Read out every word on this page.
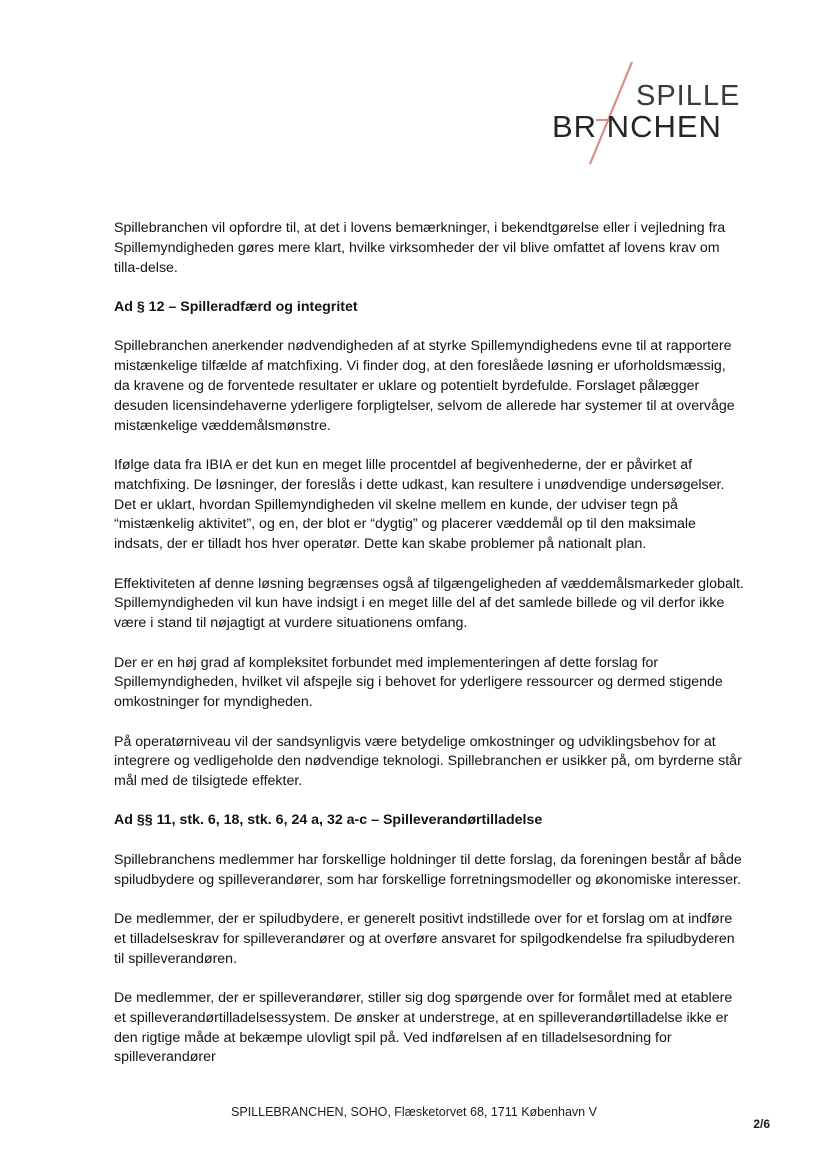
SPILLE
BR NCHEN

Spillebranchen vil opfordre til, at det i lovens bemærkninger, i bekendtgørelse eller i vejledning fra Spillemyndigheden gøres mere klart, hvilke virksomheder der vil blive omfattet af lovens krav om tilla-delse.

Ad § 12 – Spilleradfærd og integritet

Spillebranchen anerkender nødvendigheden af at styrke Spillemyndighedens evne til at rapportere mistænkelige tilfælde af matchfixing. Vi finder dog, at den foreslåede løsning er uforholdsmæssig, da kravene og de forventede resultater er uklare og potentielt byrdefulde. Forslaget pålægger desuden licensindehaverne yderligere forpligtelser, selvom de allerede har systemer til at overvåge mistænkelige væddemålsmønstre.

Ifølge data fra IBIA er det kun en meget lille procentdel af begivenhederne, der er påvirket af matchfixing. De løsninger, der foreslås i dette udkast, kan resultere i unødvendige undersøgelser. Det er uklart, hvordan Spillemyndigheden vil skelne mellem en kunde, der udviser tegn på “mistænkelig aktivitet”, og en, der blot er “dygtig” og placerer væddemål op til den maksimale indsats, der er tilladt hos hver operatør. Dette kan skabe problemer på nationalt plan.

Effektiviteten af denne løsning begrænses også af tilgængeligheden af væddemålsmarkeder globalt. Spillemyndigheden vil kun have indsigt i en meget lille del af det samlede billede og vil derfor ikke være i stand til nøjagtigt at vurdere situationens omfang.

Der er en høj grad af kompleksitet forbundet med implementeringen af dette forslag for Spillemyndigheden, hvilket vil afspejle sig i behovet for yderligere ressourcer og dermed stigende omkostninger for myndigheden.

På operatørniveau vil der sandsynligvis være betydelige omkostninger og udviklingsbehov for at integrere og vedligeholde den nødvendige teknologi. Spillebranchen er usikker på, om byrderne står mål med de tilsigtede effekter.

Ad §§ 11, stk. 6, 18, stk. 6, 24 a, 32 a-c – Spilleverandørtilladelse

Spillebranchens medlemmer har forskellige holdninger til dette forslag, da foreningen består af både spiludbydere og spilleverandører, som har forskellige forretningsmodeller og økonomiske interesser.

De medlemmer, der er spiludbydere, er generelt positivt indstillede over for et forslag om at indføre et tilladelseskrav for spilleverandører og at overføre ansvaret for spilgodkendelse fra spiludbyderen til spilleverandøren.

De medlemmer, der er spilleverandører, stiller sig dog spørgende over for formålet med at etablere et spilleverandørtilladelsessystem. De ønsker at understrege, at en spilleverandørtilladelse ikke er den rigtige måde at bekæmpe ulovligt spil på. Ved indførelsen af en tilladelsesordning for spilleverandører

SPILLEBRANCHEN, SOHO, Flæsketorvet 68, 1711 København V
2/6
